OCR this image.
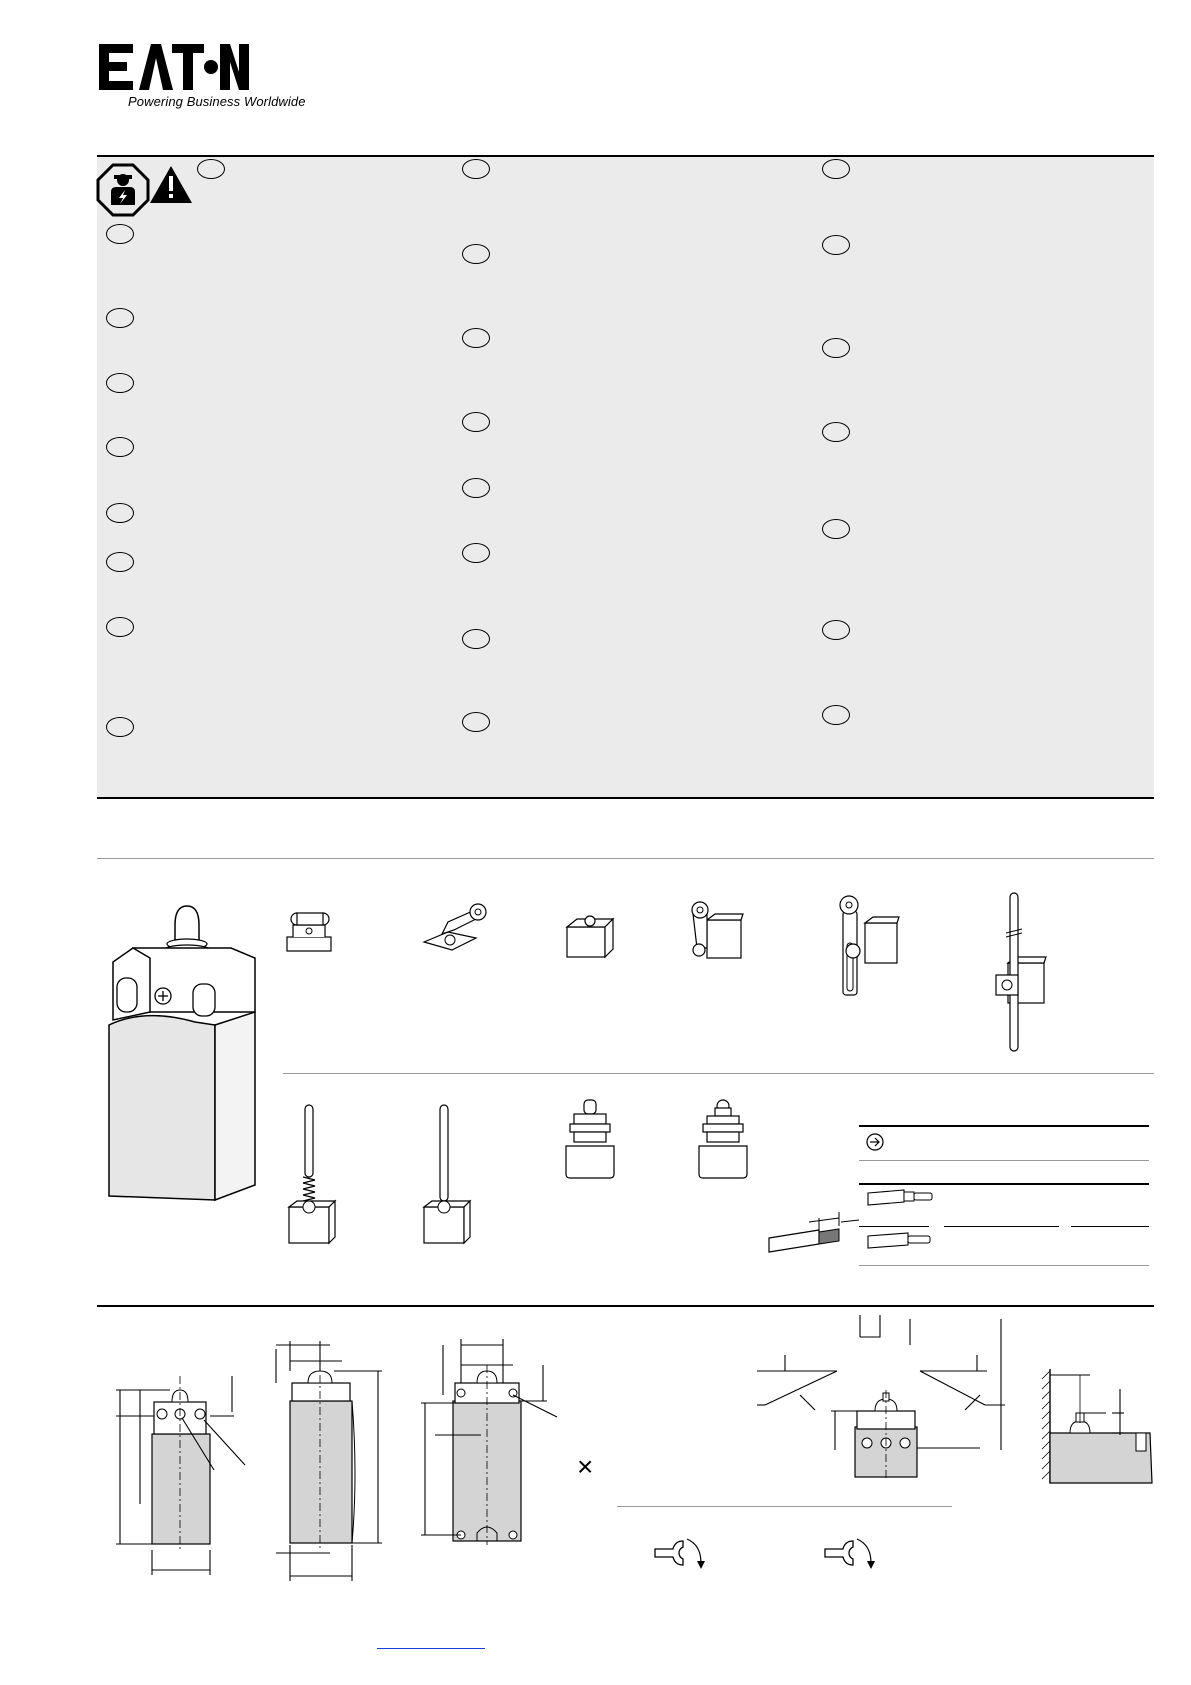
Powering Business Worldwide
×
